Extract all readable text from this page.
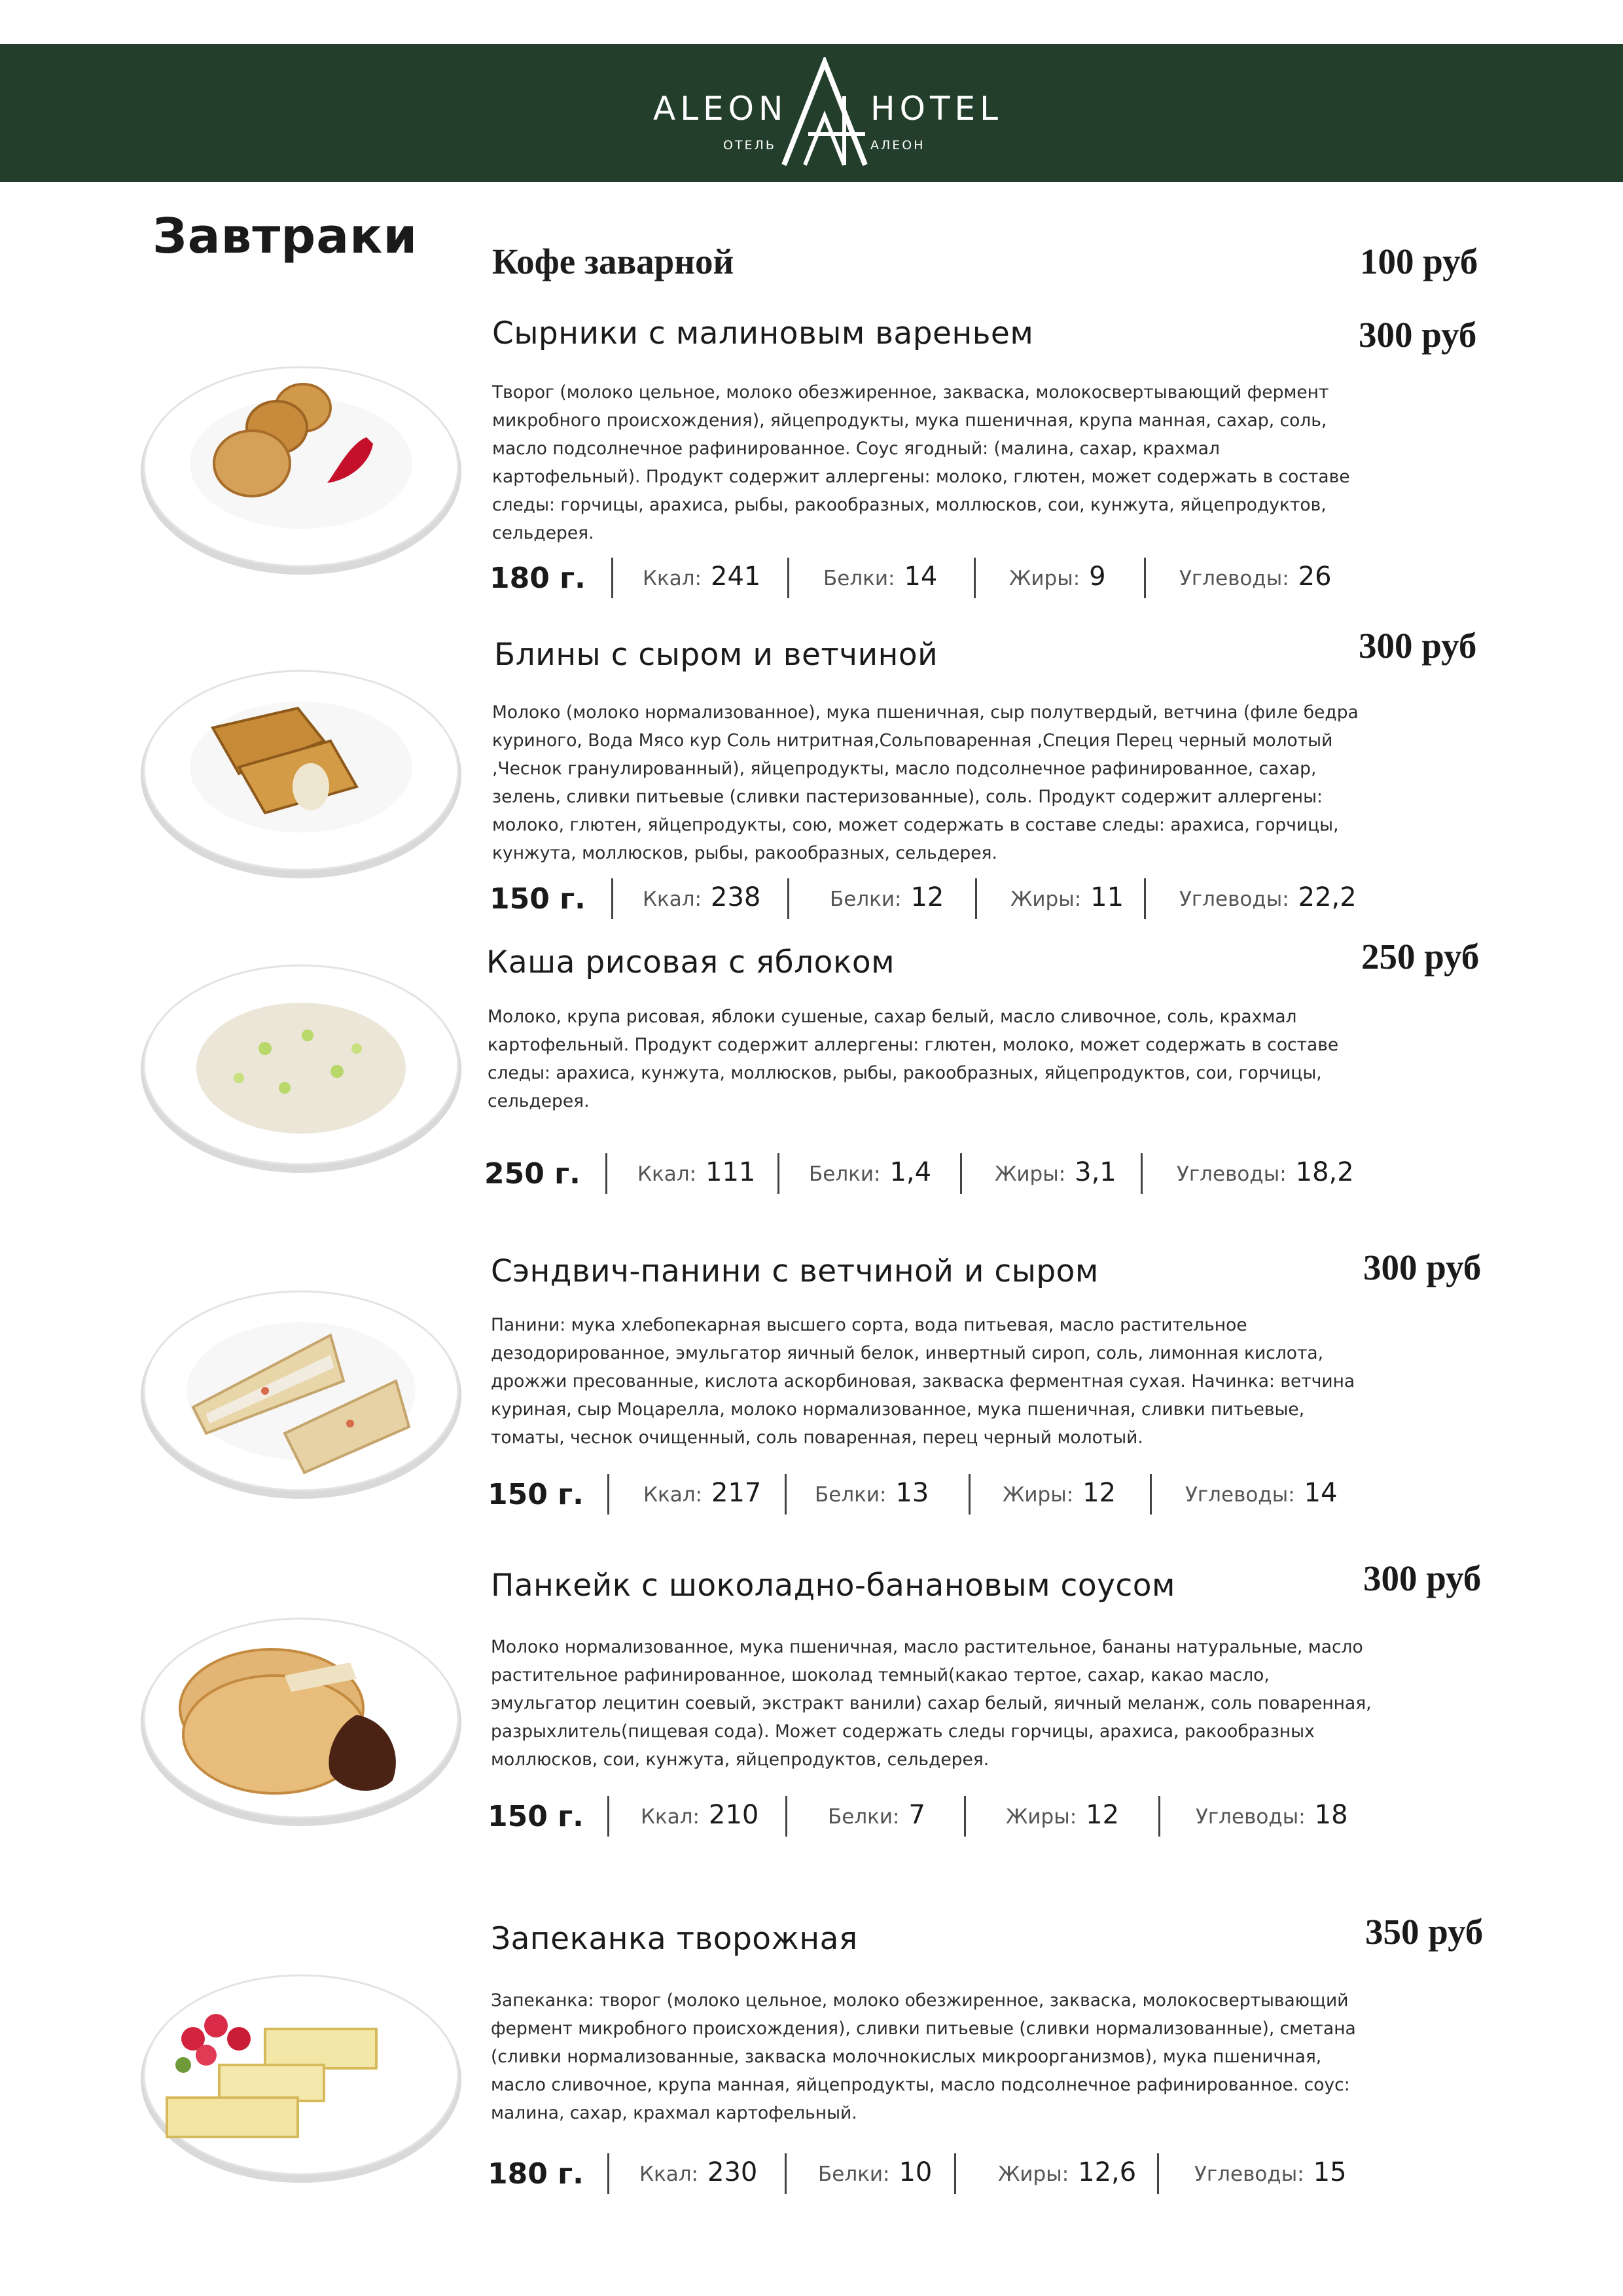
ALEON	HOTEL
ОТЕЛЬ	АЛЕОН
Завтраки Кофе заварной	100 руб
Сырники с малиновым вареньем	300 руб
Творог (молоко цельное, молоко обезжиренное, закваска, молокосвертывающий фермент микробного происхождения), яйцепродукты, мука пшеничная, крупа манная, сахар, соль, масло подсолнечное рафинированное. Соус ягодный: (малина, сахар, крахмал картофельный). Продукт содержит аллергены: молоко, глютен, может содержать в составе следы: горчицы, арахиса, рыбы, ракообразных, моллюсков, сои, кунжута, яйцепродуктов, сельдерея.
180 г.	Ккал: 241	Белки: 14	Жиры: 9	Углеводы: 26
Блины с сыром и ветчиной	300 руб
Молоко (молоко нормализованное), мука пшеничная, сыр полутвердый, ветчина (филе бедра куриного, Вода Мясо кур Соль нитритная,Сольповаренная ,Специя Перец черный молотый ,Чеснок гранулированный), яйцепродукты, масло подсолнечное рафинированное, сахар, зелень, сливки питьевые (сливки пастеризованные), соль. Продукт содержит аллергены: молоко, глютен, яйцепродукты, сою, может содержать в составе следы: арахиса, горчицы, кунжута, моллюсков, рыбы, ракообразных, сельдерея.
150 г.	Ккал: 238	Белки: 12	Жиры: 11	Углеводы: 22,2
Каша рисовая с яблоком	250 руб
Молоко, крупа рисовая, яблоки сушеные, сахар белый, масло сливочное, соль, крахмал картофельный. Продукт содержит аллергены: глютен, молоко, может содержать в составе следы: арахиса, кунжута, моллюсков, рыбы, ракообразных, яйцепродуктов, сои, горчицы, сельдерея.
250 г.	Ккал: 111	Белки: 1,4	Жиры: 3,1	Углеводы: 18,2
Сэндвич-панини с ветчиной и сыром	300 руб
Панини: мука хлебопекарная высшего сорта, вода питьевая, масло растительное дезодорированное, эмульгатор яичный белок, инвертный сироп, соль, лимонная кислота, дрожжи пресованные, кислота аскорбиновая, закваска ферментная сухая. Начинка: ветчина куриная, сыр Моцарелла, молоко нормализованное, мука пшеничная, сливки питьевые, томаты, чеснок очищенный, соль поваренная, перец черный молотый.
150 г.	Ккал: 217	Белки: 13	Жиры: 12	Углеводы: 14
Панкейк с шоколадно-банановым соусом	300 руб
Молоко нормализованное, мука пшеничная, масло растительное, бананы натуральные, масло растительное рафинированное, шоколад темный(какао тертое, сахар, какао масло, эмульгатор лецитин соевый, экстракт ванили) сахар белый, яичный меланж, соль поваренная, разрыхлитель(пищевая сода). Может содержать следы горчицы, арахиса, ракообразных моллюсков, сои, кунжута, яйцепродуктов, сельдерея.
150 г.	Ккал: 210	Белки: 7	Жиры: 12	Углеводы: 18
Запеканка творожная	350 руб
Запеканка: творог (молоко цельное, молоко обезжиренное, закваска, молокосвертывающий фермент микробного происхождения), сливки питьевые (сливки нормализованные), сметана (сливки нормализованные, закваска молочнокислых микроорганизмов), мука пшеничная, масло сливочное, крупа манная, яйцепродукты, масло подсолнечное рафинированное. соус: малина, сахар, крахмал картофельный.
180 г.	Ккал: 230	Белки: 10	Жиры: 12,6	Углеводы: 15
